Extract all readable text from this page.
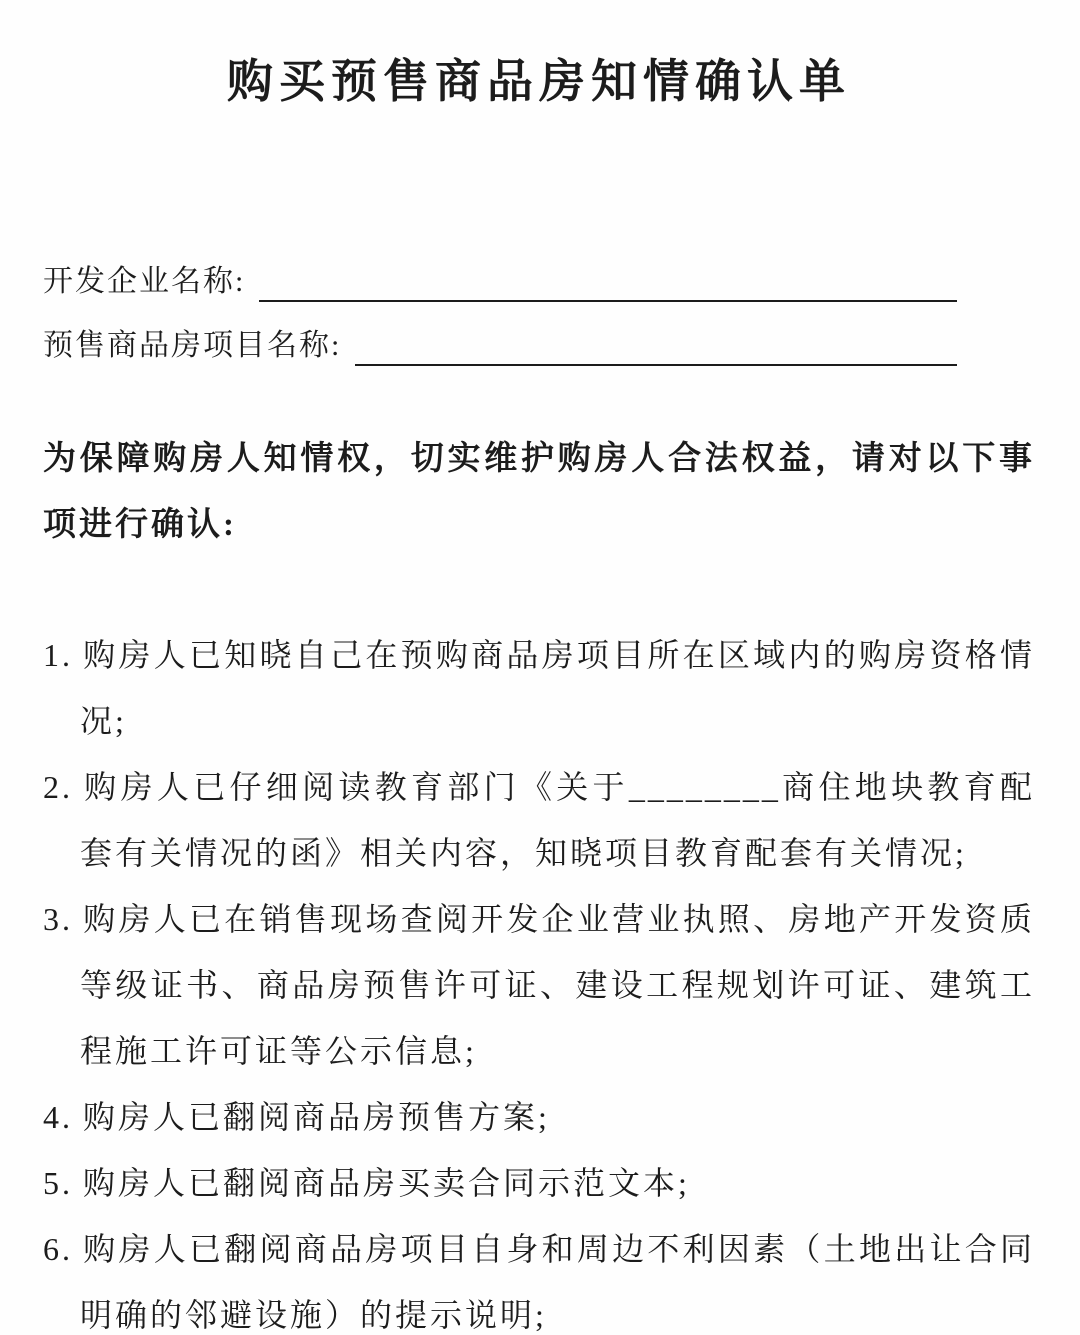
购买预售商品房知情确认单
开发企业名称:
预售商品房项目名称:

为保障购房人知情权，切实维护购房人合法权益，请对以下事项进行确认:

1. 购房人已知晓自己在预购商品房项目所在区域内的购房资格情况;

2. 购房人已仔细阅读教育部门《关于________商住地块教育配套有关情况的函》相关内容，知晓项目教育配套有关情况;

3. 购房人已在销售现场查阅开发企业营业执照、房地产开发资质等级证书、商品房预售许可证、建设工程规划许可证、建筑工程施工许可证等公示信息;

4. 购房人已翻阅商品房预售方案;

5. 购房人已翻阅商品房买卖合同示范文本;

6. 购房人已翻阅商品房项目自身和周边不利因素（土地出让合同明确的邻避设施）的提示说明;
